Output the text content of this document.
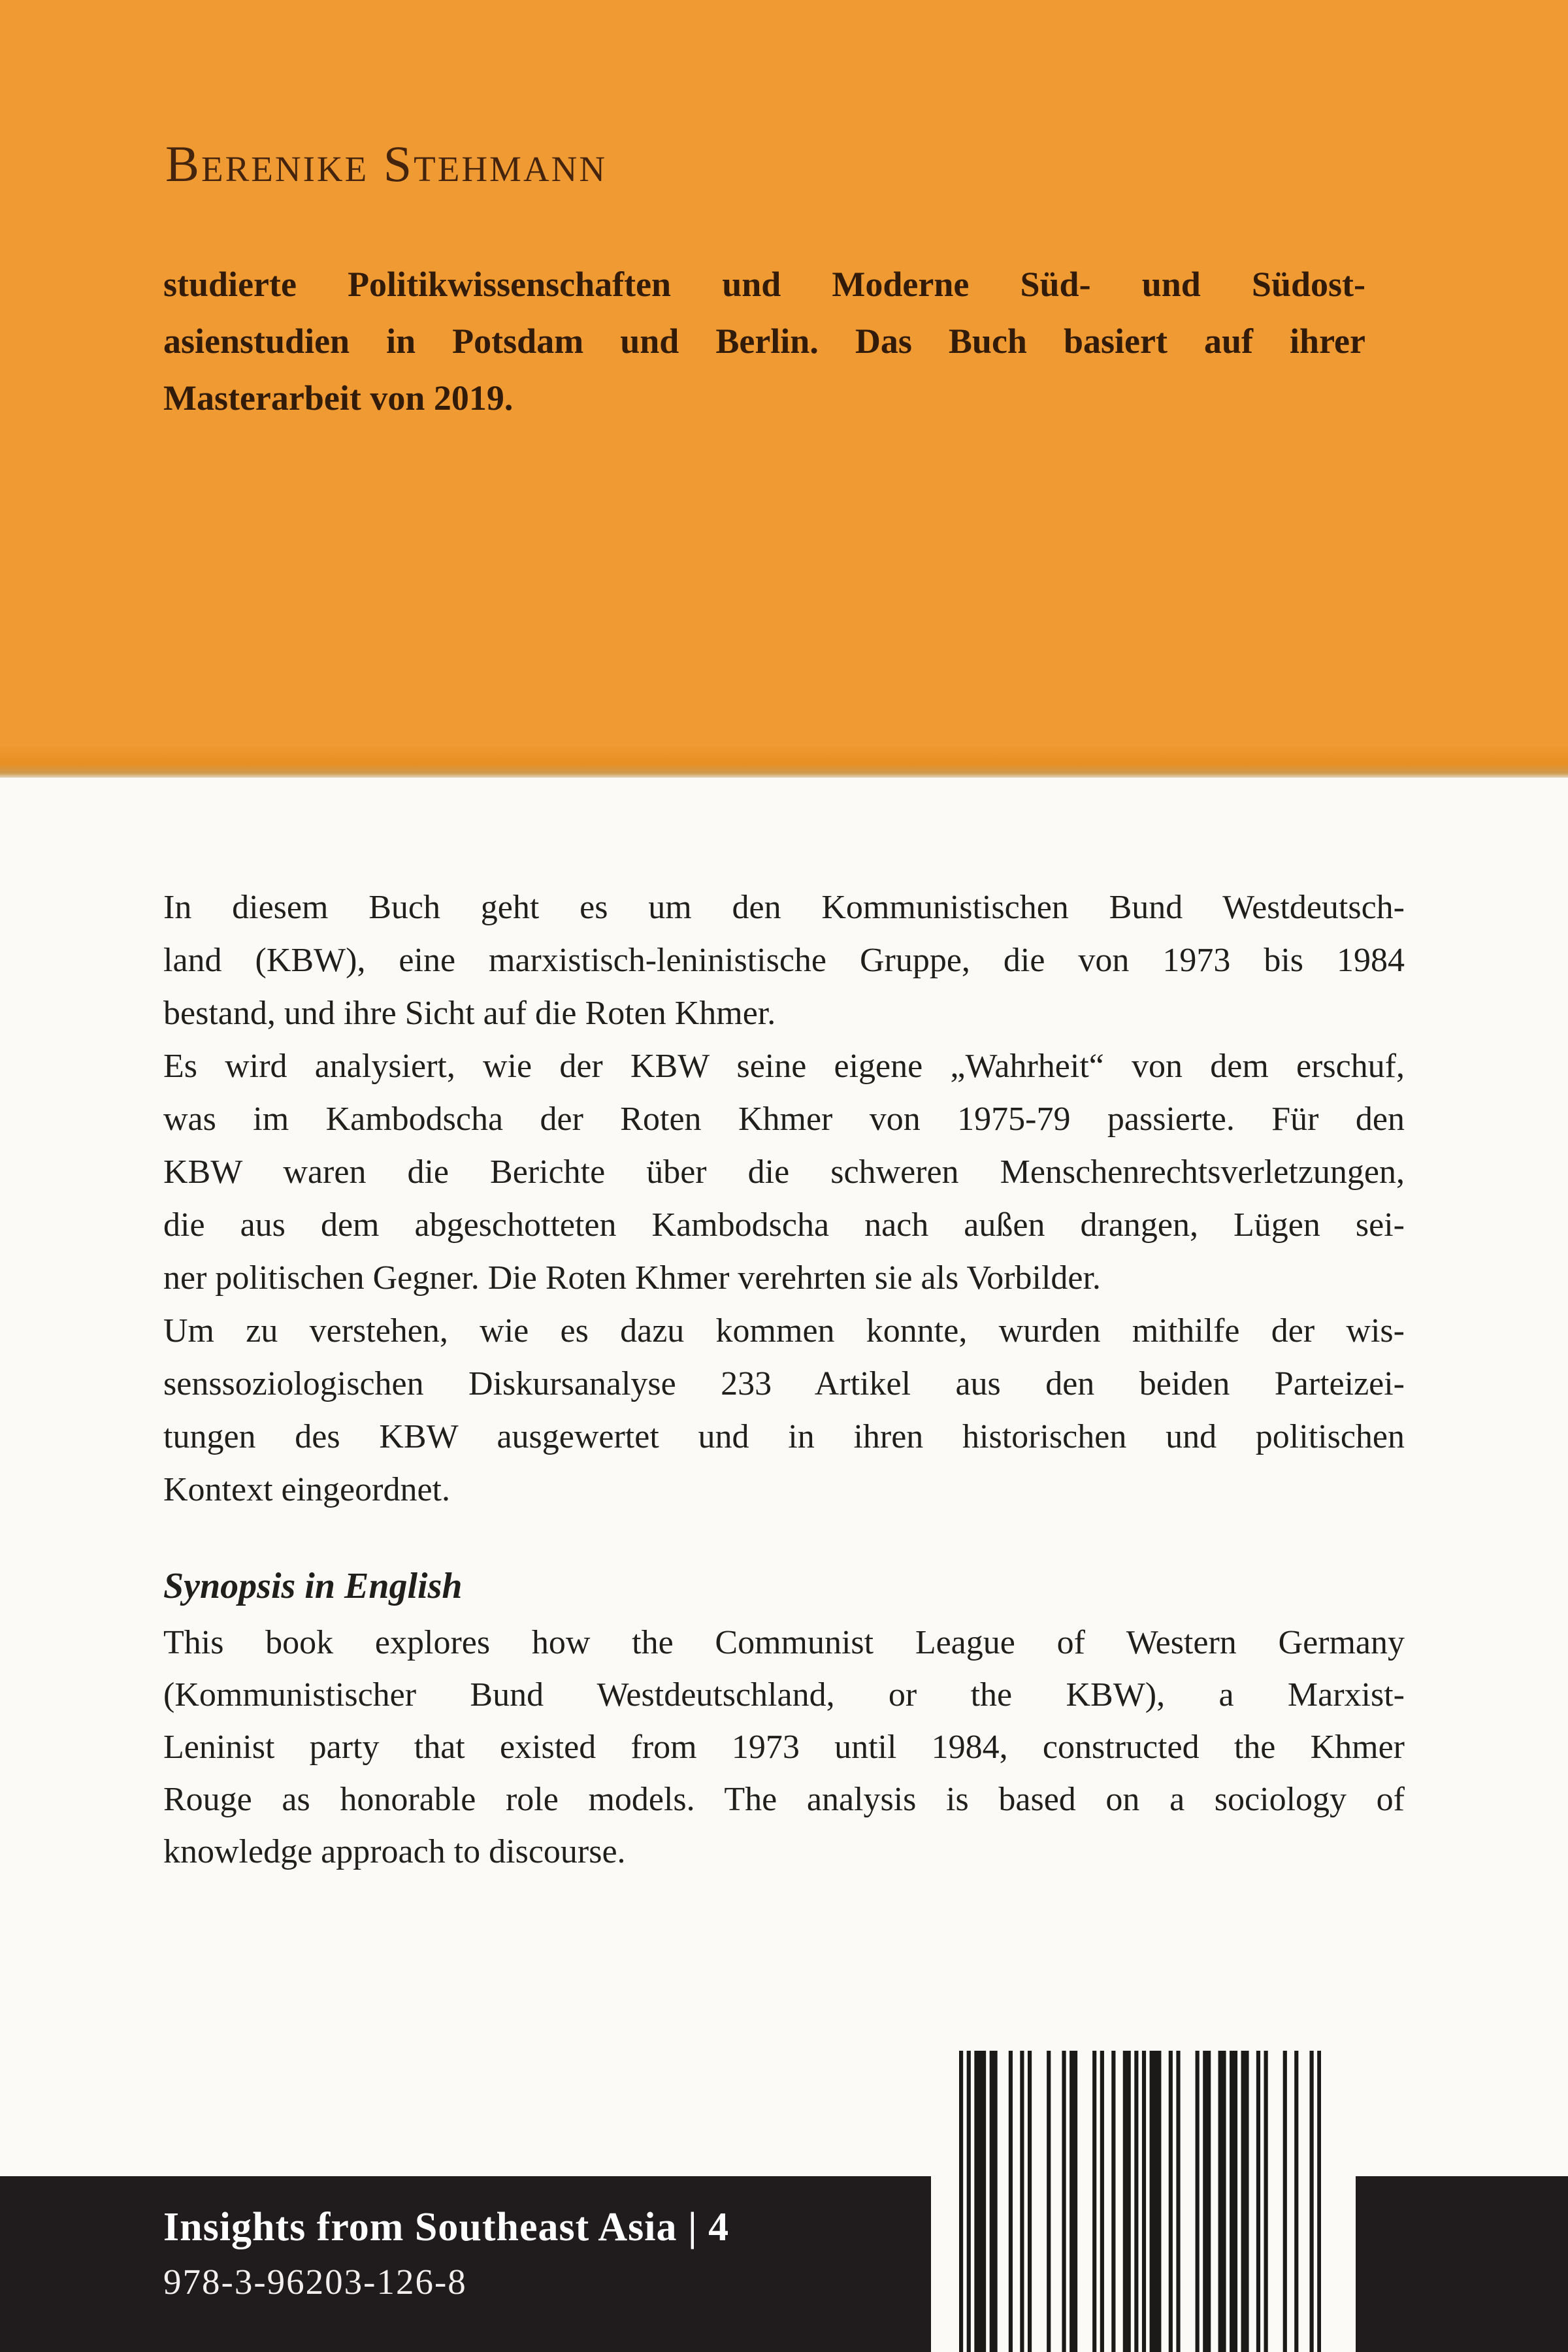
Berenike Stehmann
studierte Politikwissenschaften und Moderne Süd- und Südost-
asienstudien in Potsdam und Berlin. Das Buch basiert auf ihrer
Masterarbeit von 2019.
In diesem Buch geht es um den Kommunistischen Bund Westdeutsch-
land (KBW), eine marxistisch-leninistische Gruppe, die von 1973 bis 1984
bestand, und ihre Sicht auf die Roten Khmer.
Es wird analysiert, wie der KBW seine eigene „Wahrheit“ von dem erschuf,
was im Kambodscha der Roten Khmer von 1975-79 passierte. Für den
KBW waren die Berichte über die schweren Menschenrechtsverletzungen,
die aus dem abgeschotteten Kambodscha nach außen drangen, Lügen sei-
ner politischen Gegner. Die Roten Khmer verehrten sie als Vorbilder.
Um zu verstehen, wie es dazu kommen konnte, wurden mithilfe der wis-
senssoziologischen Diskursanalyse 233 Artikel aus den beiden Parteizei-
tungen des KBW ausgewertet und in ihren historischen und politischen
Kontext eingeordnet.
Synopsis in English
This book explores how the Communist League of Western Germany
(Kommunistischer Bund Westdeutschland, or the KBW), a Marxist-
Leninist party that existed from 1973 until 1984, constructed the Khmer
Rouge as honorable role models. The analysis is based on a sociology of
knowledge approach to discourse.
Insights from Southeast Asia | 4
978-3-96203-126-8
